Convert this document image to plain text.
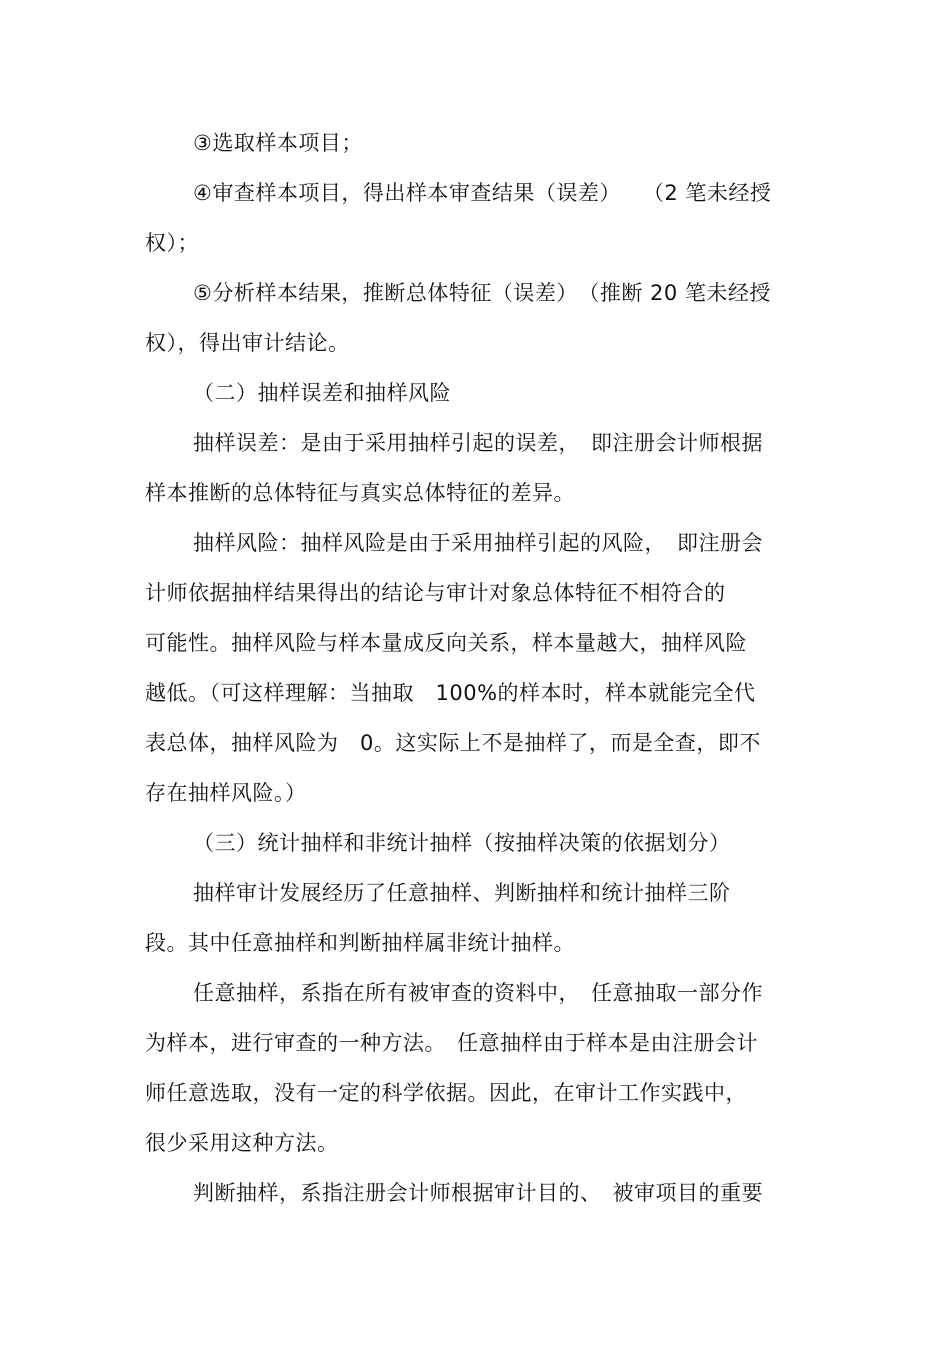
③选取样本项目；
④审查样本项目，得出样本审查结果（误差）　　（2 笔未经授
权）；
⑤分析样本结果，推断总体特征（误差）　（推断 20 笔未经授
权），得出审计结论。
（二）抽样误差和抽样风险
抽样误差：是由于采用抽样引起的误差，　即注册会计师根据
样本推断的总体特征与真实总体特征的差异。
抽样风险：抽样风险是由于采用抽样引起的风险，　即注册会
计师依据抽样结果得出的结论与审计对象总体特征不相符合的
可能性。抽样风险与样本量成反向关系，样本量越大，抽样风险
越低。（可这样理解：当抽取　100%的样本时，样本就能完全代
表总体，抽样风险为　0。这实际上不是抽样了，而是全查，即不
存在抽样风险。）
（三）统计抽样和非统计抽样（按抽样决策的依据划分）
抽样审计发展经历了任意抽样、判断抽样和统计抽样三阶
段。其中任意抽样和判断抽样属非统计抽样。
任意抽样，系指在所有被审查的资料中，　任意抽取一部分作
为样本，进行审查的一种方法。　任意抽样由于样本是由注册会计
师任意选取，没有一定的科学依据。因此，在审计工作实践中，
很少采用这种方法。
判断抽样，系指注册会计师根据审计目的、　被审项目的重要
